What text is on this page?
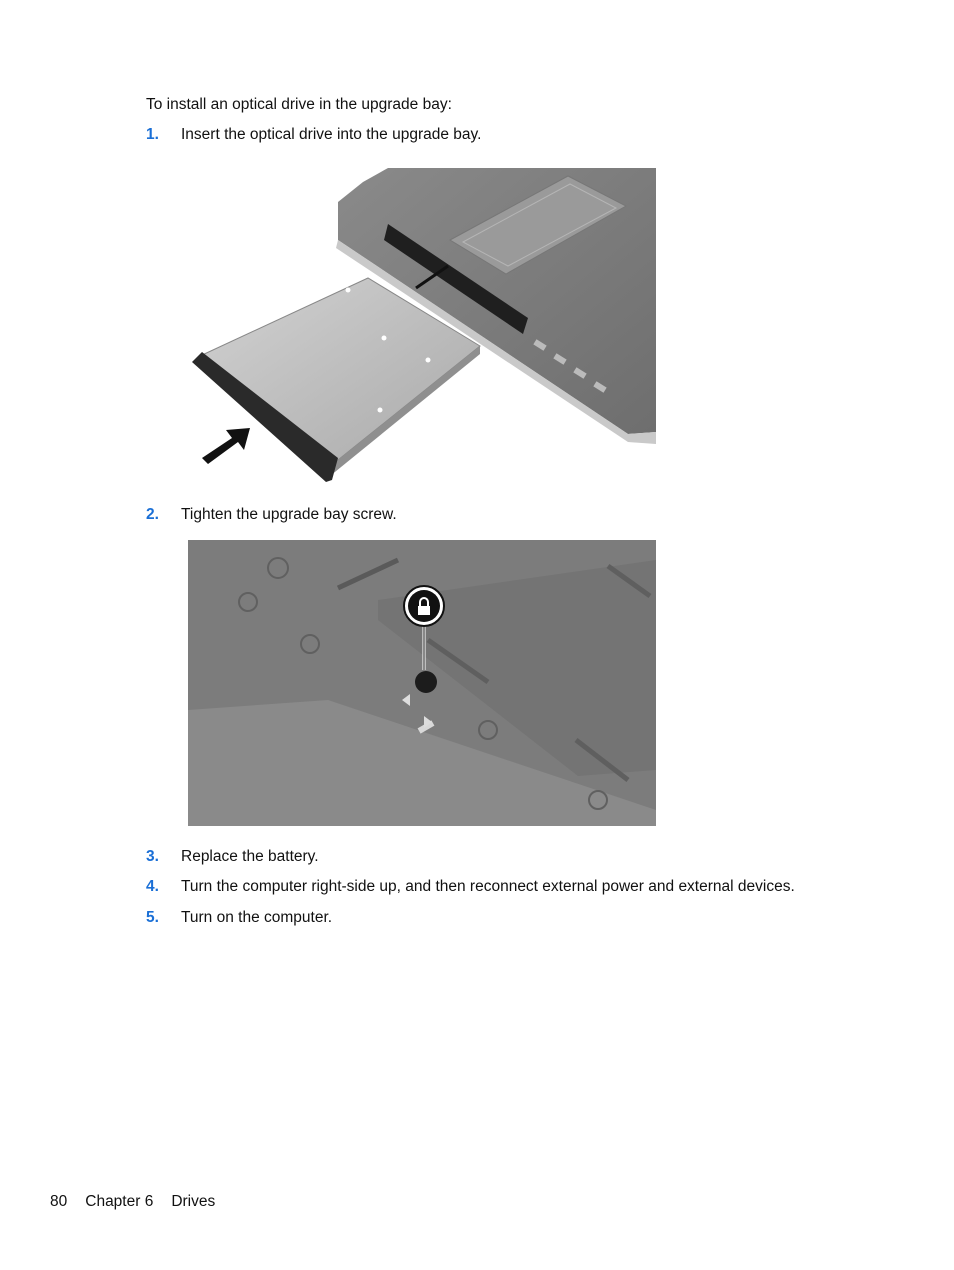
To install an optical drive in the upgrade bay:
1. Insert the optical drive into the upgrade bay.
2. Tighten the upgrade bay screw.
3. Replace the battery.
4. Turn the computer right-side up, and then reconnect external power and external devices.
5. Turn on the computer.
80 Chapter 6 Drives
